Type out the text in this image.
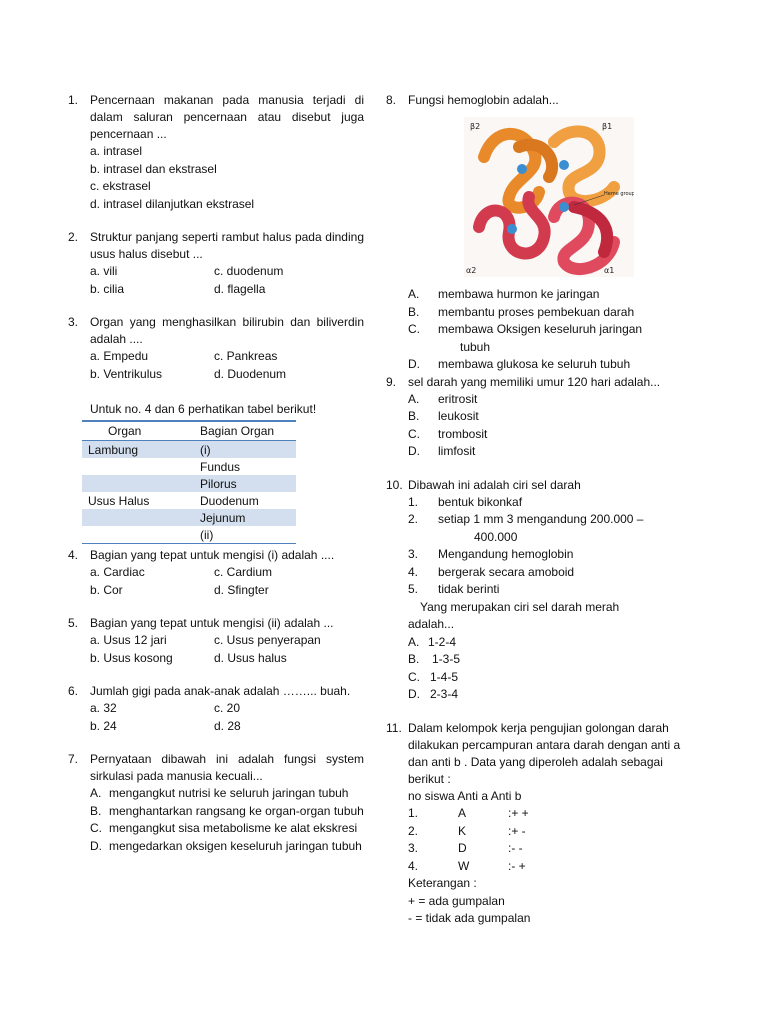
1. Pencernaan makanan pada manusia terjadi di dalam saluran pencernaan atau disebut juga pencernaan ...
a. intrasel
b. intrasel dan ekstrasel
c. ekstrasel
d. intrasel dilanjutkan ekstrasel
2. Struktur panjang seperti rambut halus pada dinding usus halus disebut ...
a. vili	c. duodenum
b. cilia	d. flagella
3. Organ yang menghasilkan bilirubin dan biliverdin adalah ....
a. Empedu	c. Pankreas
b. Ventrikulus	d. Duodenum
Untuk no. 4 dan 6 perhatikan tabel berikut!
Organ	Bagian Organ
Lambung	(i)
	Fundus
	Pilorus
Usus Halus	Duodenum
	Jejunum
	(ii)
4. Bagian yang tepat untuk mengisi (i) adalah ....
a. Cardiac	c. Cardium
b. Cor	d. Sfingter
5. Bagian yang tepat untuk mengisi (ii) adalah ...
a. Usus 12 jari	c. Usus penyerapan
b. Usus kosong	d. Usus halus
6. Jumlah gigi pada anak-anak adalah ……... buah.
a. 32	c. 20
b. 24	d. 28
7. Pernyataan dibawah ini adalah fungsi system sirkulasi pada manusia kecuali...
A. mengangkut nutrisi ke seluruh jaringan tubuh
B. menghantarkan rangsang ke organ-organ tubuh
C. mengangkut sisa metabolisme ke alat ekskresi
D. mengedarkan oksigen keseluruh jaringan tubuh
8. Fungsi hemoglobin adalah...
β2	β1
Heme group
α2	α1
A.	membawa hurmon ke jaringan
B.	membantu proses pembekuan darah
C.	membawa Oksigen keseluruh jaringan
tubuh
D.	membawa glukosa ke seluruh tubuh
9. sel darah yang memiliki umur 120 hari adalah...
A.	eritrosit
B.	leukosit
C.	trombosit
D.	limfosit
10. Dibawah ini adalah ciri sel darah
1.	bentuk bikonkaf
2.	setiap 1 mm 3 mengandung 200.000 –
400.000
3.	Mengandung hemoglobin
4.	bergerak secara amoboid
5.	tidak berinti
Yang merupakan ciri sel darah merah
adalah...
A. 1-2-4
B.	1-3-5
C. 1-4-5
D. 2-3-4
11. Dalam kelompok kerja pengujian golongan darah dilakukan percampuran antara darah dengan anti a dan anti b . Data yang diperoleh adalah sebagai berikut :
no siswa Anti a Anti b
1.	A	:+ +
2.	K	:+ -
3.	D	:- -
4.	W	:- +
Keterangan :
+ = ada gumpalan
- = tidak ada gumpalan
